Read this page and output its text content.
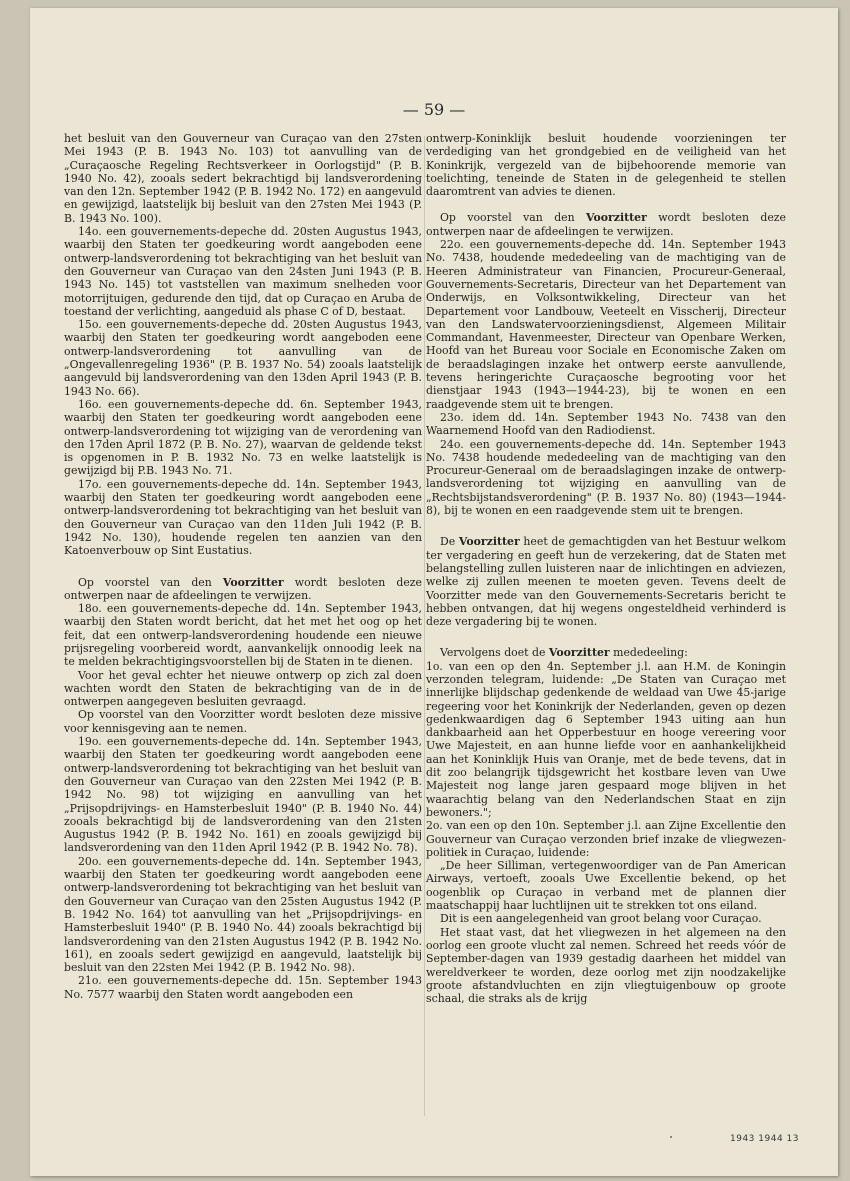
— 59 —

het besluit van den Gouverneur van Curaçao van den 27sten Mei 1943 (P. B. 1943 No. 103) tot aanvulling van de „Curaçaosche Regeling Rechtsverkeer in Oorlogstijd" (P. B. 1940 No. 42), zooals sedert bekrachtigd bij landsverordening van den 12n. September 1942 (P. B. 1942 No. 172) en aangevuld en gewijzigd, laatstelijk bij besluit van den 27sten Mei 1943 (P. B. 1943 No. 100).

14o. een gouvernements-depeche dd. 20sten Augustus 1943, waarbij den Staten ter goedkeuring wordt aangeboden eene ontwerp-landsverordening tot bekrachtiging van het besluit van den Gouverneur van Curaçao van den 24sten Juni 1943 (P. B. 1943 No. 145) tot vaststellen van maximum snelheden voor motorrijtuigen, gedurende den tijd, dat op Curaçao en Aruba de toestand der verlichting, aangeduid als phase C of D, bestaat.

15o. een gouvernements-depeche dd. 20sten Augustus 1943, waarbij den Staten ter goedkeuring wordt aangeboden eene ontwerp-landsverordening tot aanvulling van de „Ongevallenregeling 1936" (P. B. 1937 No. 54) zooals laatstelijk aangevuld bij landsverordening van den 13den April 1943 (P. B. 1943 No. 66).

16o. een gouvernements-depeche dd. 6n. September 1943, waarbij den Staten ter goedkeuring wordt aangeboden eene ontwerp-landsverordening tot wijziging van de verordening van den 17den April 1872 (P. B. No. 27), waarvan de geldende tekst is opgenomen in P. B. 1932 No. 73 en welke laatstelijk is gewijzigd bij P.B. 1943 No. 71.

17o. een gouvernements-depeche dd. 14n. September 1943, waarbij den Staten ter goedkeuring wordt aangeboden eene ontwerp-landsverordening tot bekrachtiging van het besluit van den Gouverneur van Curaçao van den 11den Juli 1942 (P. B. 1942 No. 130), houdende regelen ten aanzien van den Katoenverbouw op Sint Eustatius.

Op voorstel van den Voorzitter wordt besloten deze ontwerpen naar de afdeelingen te verwijzen.

18o. een gouvernements-depeche dd. 14n. September 1943, waarbij den Staten wordt bericht, dat het met het oog op het feit, dat een ontwerp-landsverordening houdende een nieuwe prijsregeling voorbereid wordt, aanvankelijk onnoodig leek na te melden bekrachtigingsvoorstellen bij de Staten in te dienen.

Voor het geval echter het nieuwe ontwerp op zich zal doen wachten wordt den Staten de bekrachtiging van de in de ontwerpen aangegeven besluiten gevraagd.

Op voorstel van den Voorzitter wordt besloten deze missive voor kennisgeving aan te nemen.

19o. een gouvernements-depeche dd. 14n. September 1943, waarbij den Staten ter goedkeuring wordt aangeboden eene ontwerp-landsverordening tot bekrachtiging van het besluit van den Gouverneur van Curaçao van den 22sten Mei 1942 (P. B. 1942 No. 98) tot wijziging en aanvulling van het „Prijsopdrijvings- en Hamsterbesluit 1940" (P. B. 1940 No. 44) zooals bekrachtigd bij de landsverordening van den 21sten Augustus 1942 (P. B. 1942 No. 161) en zooals gewijzigd bij landsverordening van den 11den April 1942 (P. B. 1942 No. 78).

20o. een gouvernements-depeche dd. 14n. September 1943, waarbij den Staten ter goedkeuring wordt aangeboden eene ontwerp-landsverordening tot bekrachtiging van het besluit van den Gouverneur van Curaçao van den 25sten Augustus 1942 (P. B. 1942 No. 164) tot aanvulling van het „Prijsopdrijvings- en Hamsterbesluit 1940" (P. B. 1940 No. 44) zooals bekrachtigd bij landsverordening van den 21sten Augustus 1942 (P. B. 1942 No. 161), en zooals sedert gewijzigd en aangevuld, laatstelijk bij besluit van den 22sten Mei 1942 (P. B. 1942 No. 98).

21o. een gouvernements-depeche dd. 15n. September 1943 No. 7577 waarbij den Staten wordt aangeboden een

ontwerp-Koninklijk besluit houdende voorzieningen ter verdediging van het grondgebied en de veiligheid van het Koninkrijk, vergezeld van de bijbehoorende memorie van toelichting, teneinde de Staten in de gelegenheid te stellen daaromtrent van advies te dienen.

Op voorstel van den Voorzitter wordt besloten deze ontwerpen naar de afdeelingen te verwijzen.

22o. een gouvernements-depeche dd. 14n. September 1943 No. 7438, houdende mededeeling van de machtiging van de Heeren Administrateur van Financien, Procureur-Generaal, Gouvernements-Secretaris, Directeur van het Departement van Onderwijs, en Volksontwikkeling, Directeur van het Departement voor Landbouw, Veeteelt en Visscherij, Directeur van den Landswatervoorzieningsdienst, Algemeen Militair Commandant, Havenmeester, Directeur van Openbare Werken, Hoofd van het Bureau voor Sociale en Economische Zaken om de beraadslagingen inzake het ontwerp eerste aanvullende, tevens heringerichte Curaçaosche begrooting voor het dienstjaar 1943 (1943—1944-23), bij te wonen en een raadgevende stem uit te brengen.

23o. idem dd. 14n. September 1943 No. 7438 van den Waarnemend Hoofd van den Radiodienst.

24o. een gouvernements-depeche dd. 14n. September 1943 No. 7438 houdende mededeeling van de machtiging van den Procureur-Generaal om de beraadslagingen inzake de ontwerp-landsverordening tot wijziging en aanvulling van de „Rechtsbijstandsverordening" (P. B. 1937 No. 80) (1943—1944-8), bij te wonen en een raadgevende stem uit te brengen.

De Voorzitter heet de gemachtigden van het Bestuur welkom ter vergadering en geeft hun de verzekering, dat de Staten met belangstelling zullen luisteren naar de inlichtingen en adviezen, welke zij zullen meenen te moeten geven. Tevens deelt de Voorzitter mede van den Gouvernements-Secretaris bericht te hebben ontvangen, dat hij wegens ongesteldheid verhinderd is deze vergadering bij te wonen.

Vervolgens doet de Voorzitter mededeeling:

1o. van een op den 4n. September j.l. aan H.M. de Koningin verzonden telegram, luidende: „De Staten van Curaçao met innerlijke blijdschap gedenkende de weldaad van Uwe 45-jarige regeering voor het Koninkrijk der Nederlanden, geven op dezen gedenkwaardigen dag 6 September 1943 uiting aan hun dankbaarheid aan het Opperbestuur en hooge vereering voor Uwe Majesteit, en aan hunne liefde voor en aanhankelijkheid aan het Koninklijk Huis van Oranje, met de bede tevens, dat in dit zoo belangrijk tijdsgewricht het kostbare leven van Uwe Majesteit nog lange jaren gespaard moge blijven in het waarachtig belang van den Nederlandschen Staat en zijn bewoners.";

2o. van een op den 10n. September j.l. aan Zijne Excellentie den Gouverneur van Curaçao verzonden brief inzake de vliegwezen-politiek in Curaçao, luidende:

„De heer Silliman, vertegenwoordiger van de Pan American Airways, vertoeft, zooals Uwe Excellentie bekend, op het oogenblik op Curaçao in verband met de plannen dier maatschappij haar luchtlijnen uit te strekken tot ons eiland.

Dit is een aangelegenheid van groot belang voor Curaçao.

Het staat vast, dat het vliegwezen in het algemeen na den oorlog een groote vlucht zal nemen. Schreed het reeds vóór de September-dagen van 1939 gestadig daarheen het middel van wereldverkeer te worden, deze oorlog met zijn noodzakelijke groote afstandvluchten en zijn vliegtuigenbouw op groote schaal, die straks als de krijg

1943 1944 13
